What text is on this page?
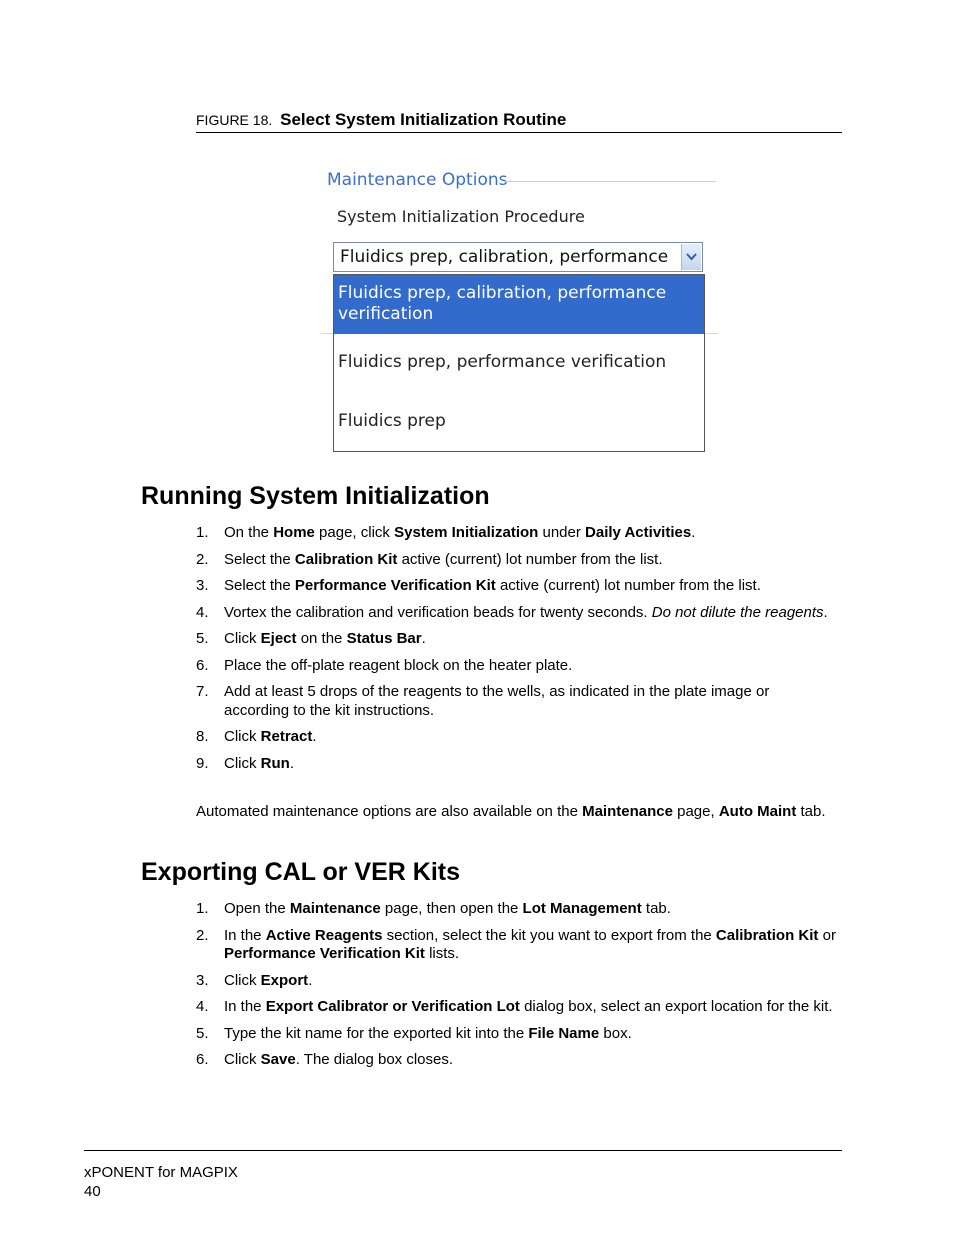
FIGURE 18. Select System Initialization Routine
Maintenance Options
System Initialization Procedure
Fluidics prep, calibration, performance
Fluidics prep, calibration, performance
verification
Fluidics prep, performance verification
Fluidics prep
Running System Initialization
1. On the Home page, click System Initialization under Daily Activities.
2. Select the Calibration Kit active (current) lot number from the list.
3. Select the Performance Verification Kit active (current) lot number from the list.
4. Vortex the calibration and verification beads for twenty seconds. Do not dilute the reagents.
5. Click Eject on the Status Bar.
6. Place the off-plate reagent block on the heater plate.
7. Add at least 5 drops of the reagents to the wells, as indicated in the plate image or according to the kit instructions.
8. Click Retract.
9. Click Run.
Automated maintenance options are also available on the Maintenance page, Auto Maint tab.
Exporting CAL or VER Kits
1. Open the Maintenance page, then open the Lot Management tab.
2. In the Active Reagents section, select the kit you want to export from the Calibration Kit or Performance Verification Kit lists.
3. Click Export.
4. In the Export Calibrator or Verification Lot dialog box, select an export location for the kit.
5. Type the kit name for the exported kit into the File Name box.
6. Click Save. The dialog box closes.
xPONENT for MAGPIX
40
